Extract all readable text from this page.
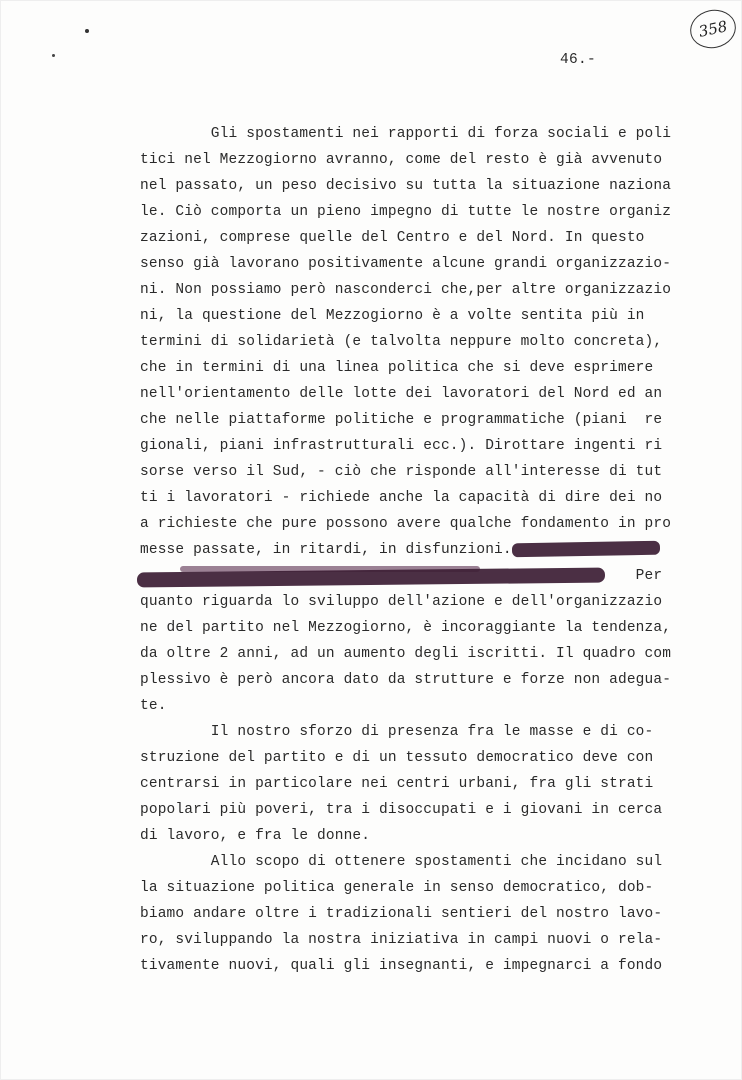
358
46.-
Gli spostamenti nei rapporti di forza sociali e poli
tici nel Mezzogiorno avranno, come del resto è già avvenuto
nel passato, un peso decisivo su tutta la situazione naziona
le. Ciò comporta un pieno impegno di tutte le nostre organiz
zazioni, comprese quelle del Centro e del Nord. In questo
senso già lavorano positivamente alcune grandi organizzazio-
ni. Non possiamo però nasconderci che,per altre organizzazio
ni, la questione del Mezzogiorno è a volte sentita più in
termini di solidarietà (e talvolta neppure molto concreta),
che in termini di una linea politica che si deve esprimere
nell'orientamento delle lotte dei lavoratori del Nord ed an
che nelle piattaforme politiche e programmatiche (piani  re
gionali, piani infrastrutturali ecc.). Dirottare ingenti ri
sorse verso il Sud, - ciò che risponde all'interesse di tut
ti i lavoratori - richiede anche la capacità di dire dei no
a richieste che pure possono avere qualche fondamento in pro
messe passate, in ritardi, in disfunzioni.
Per
quanto riguarda lo sviluppo dell'azione e dell'organizzazio
ne del partito nel Mezzogiorno, è incoraggiante la tendenza,
da oltre 2 anni, ad un aumento degli iscritti. Il quadro com
plessivo è però ancora dato da strutture e forze non adegua-
te.
Il nostro sforzo di presenza fra le masse e di co-
struzione del partito e di un tessuto democratico deve con
centrarsi in particolare nei centri urbani, fra gli strati
popolari più poveri, tra i disoccupati e i giovani in cerca
di lavoro, e fra le donne.
Allo scopo di ottenere spostamenti che incidano sul
la situazione politica generale in senso democratico, dob-
biamo andare oltre i tradizionali sentieri del nostro lavo-
ro, sviluppando la nostra iniziativa in campi nuovi o rela-
tivamente nuovi, quali gli insegnanti, e impegnarci a fondo
